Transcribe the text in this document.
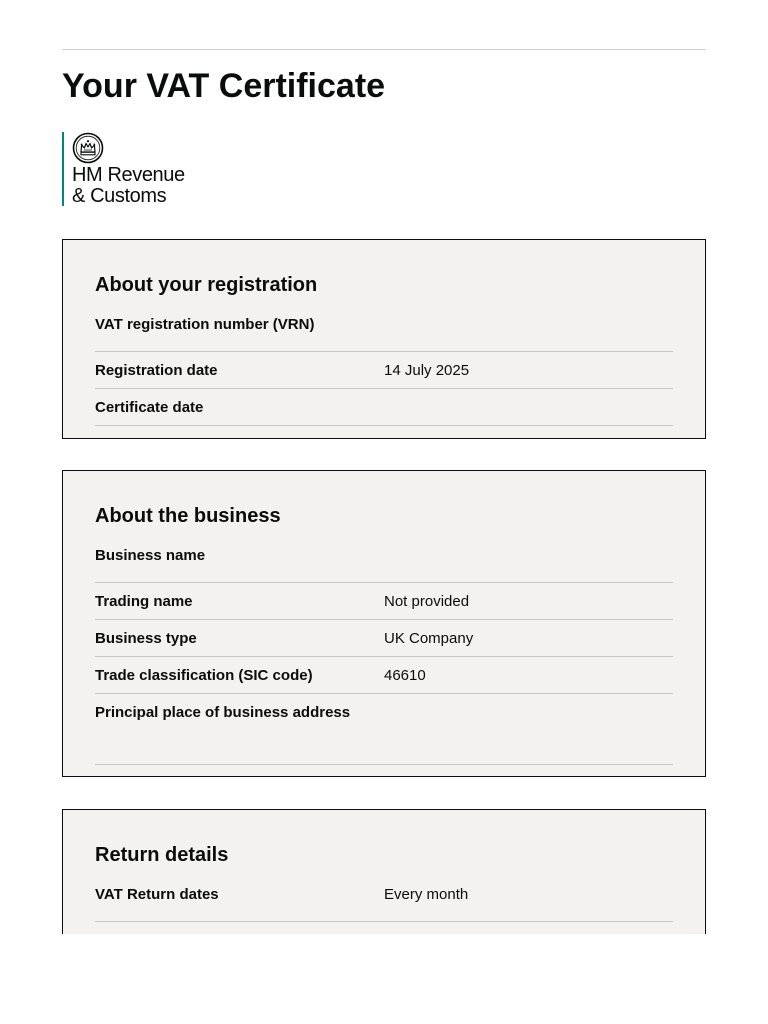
Your VAT Certificate
HM Revenue
& Customs
About your registration
VAT registration number (VRN)
Registration date	14 July 2025
Certificate date
About the business
Business name
Trading name	Not provided
Business type	UK Company
Trade classification (SIC code)	46610
Principal place of business address
Return details
VAT Return dates	Every month
